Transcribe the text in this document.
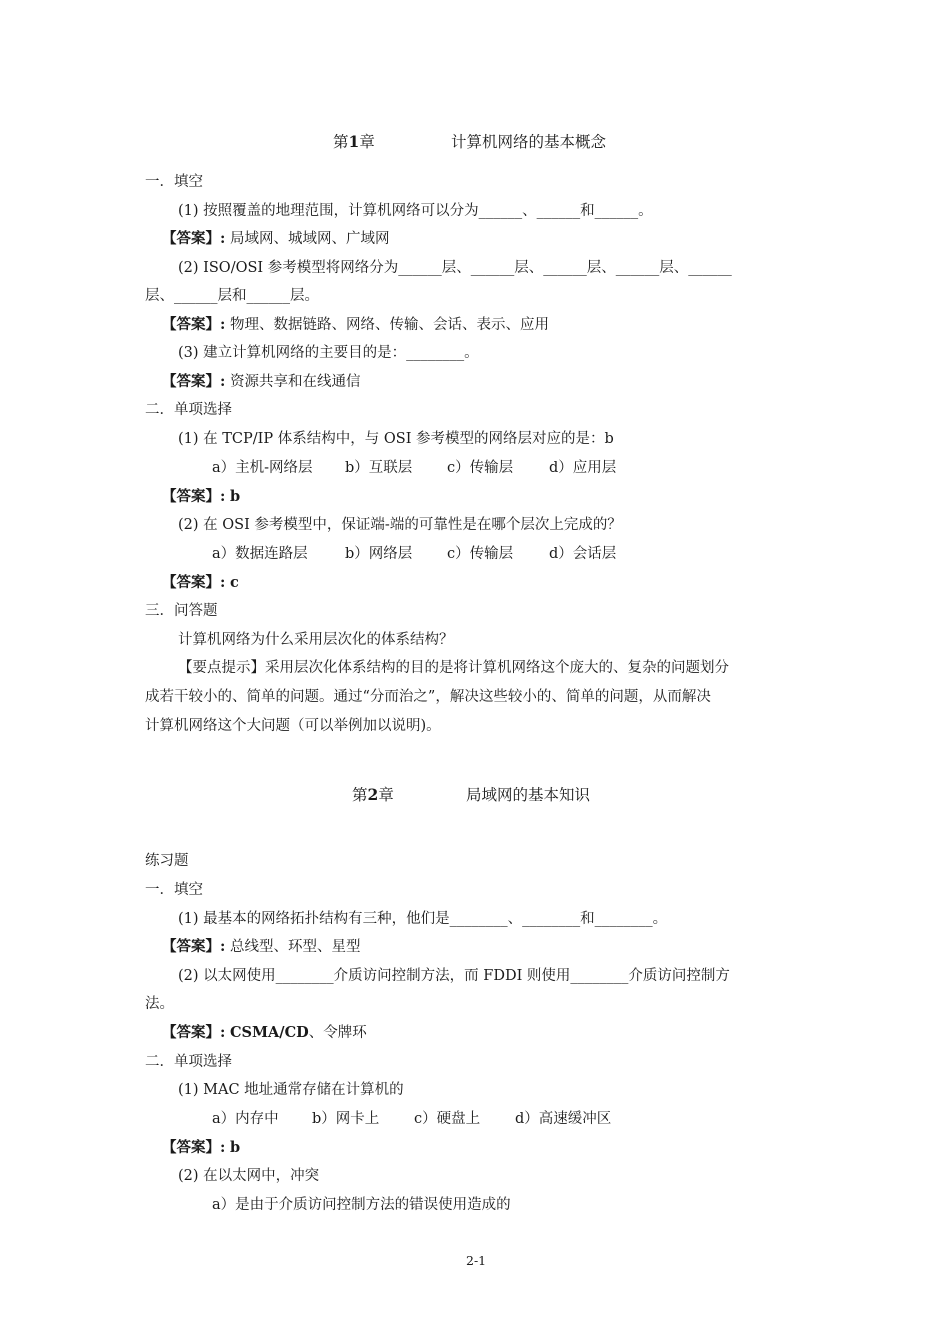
第1章	计算机网络的基本概念
一．填空
(1) 按照覆盖的地理范围，计算机网络可以分为______、______和______。
【答案】: 局域网、城域网、广域网
(2) ISO/OSI 参考模型将网络分为______层、______层、______层、______层、______
层、______层和______层。
【答案】: 物理、数据链路、网络、传输、会话、表示、应用
(3) 建立计算机网络的主要目的是：________。
【答案】: 资源共享和在线通信
二．单项选择
(1) 在 TCP/IP 体系结构中，与 OSI 参考模型的网络层对应的是：b
a）主机-网络层 b）互联层 c）传输层 d）应用层
【答案】: b
(2) 在 OSI 参考模型中，保证端-端的可靠性是在哪个层次上完成的？
a）数据连路层	b）网络层 c）传输层 d）会话层
【答案】: c
三．问答题
计算机网络为什么采用层次化的体系结构？
【要点提示】采用层次化体系结构的目的是将计算机网络这个庞大的、复杂的问题划分
成若干较小的、简单的问题。通过“分而治之”，解决这些较小的、简单的问题，从而解决
计算机网络这个大问题（可以举例加以说明)。
第2章	局域网的基本知识
练习题
一．填空
(1) 最基本的网络拓扑结构有三种，他们是________、________和________。
【答案】: 总线型、环型、星型
(2) 以太网使用________介质访问控制方法，而 FDDI 则使用________介质访问控制方
法。
【答案】: CSMA/CD、令牌环
二．单项选择
(1) MAC 地址通常存储在计算机的
a）内存中 b）网卡上 c）硬盘上 d）高速缓冲区
【答案】: b
(2) 在以太网中，冲突
a）是由于介质访问控制方法的错误使用造成的
2-1
